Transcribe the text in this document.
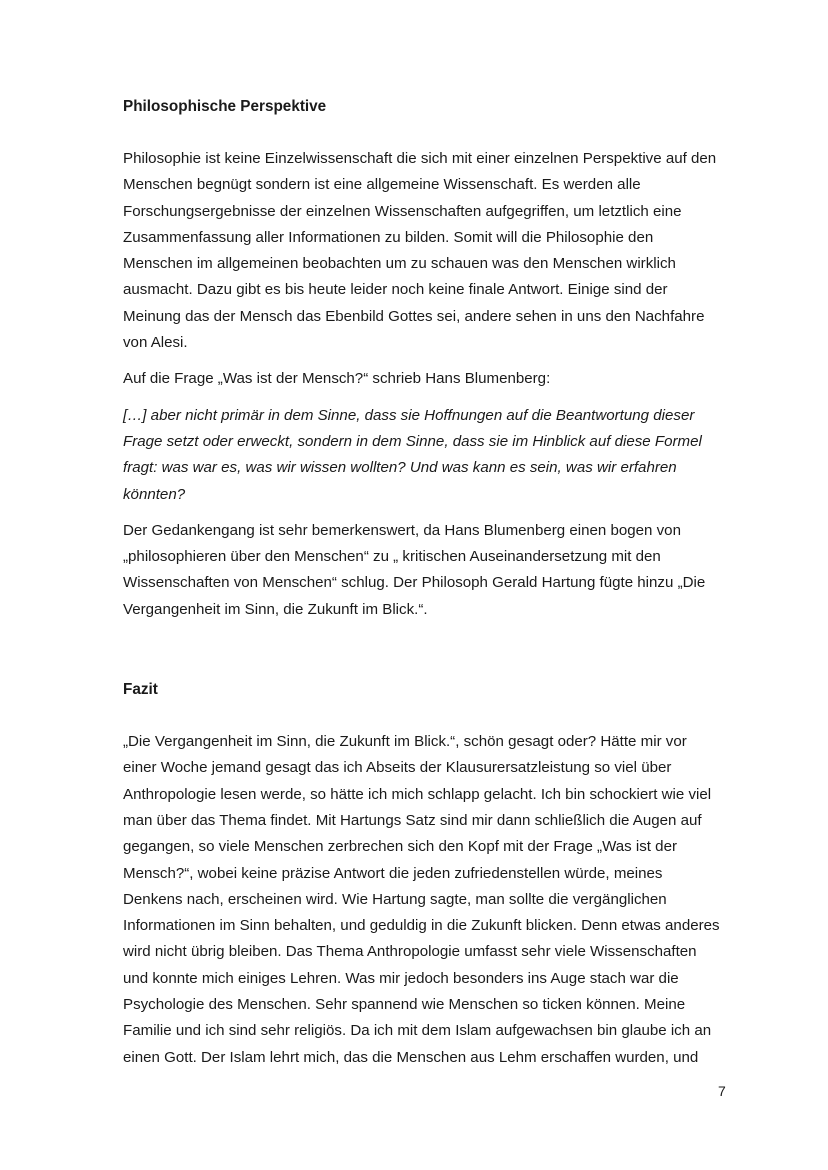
Philosophische Perspektive

Philosophie ist keine Einzelwissenschaft die sich mit einer einzelnen Perspektive auf den
Menschen begnügt sondern ist eine allgemeine Wissenschaft. Es werden alle
Forschungsergebnisse der einzelnen Wissenschaften aufgegriffen, um letztlich eine
Zusammenfassung aller Informationen zu bilden. Somit will die Philosophie den
Menschen im allgemeinen beobachten um zu schauen was den Menschen wirklich
ausmacht. Dazu gibt es bis heute leider noch keine finale Antwort. Einige sind der
Meinung das der Mensch das Ebenbild Gottes sei, andere sehen in uns den Nachfahre
von Alesi.

Auf die Frage „Was ist der Mensch?“ schrieb Hans Blumenberg:

[…] aber nicht primär in dem Sinne, dass sie Hoffnungen auf die Beantwortung dieser
Frage setzt oder erweckt, sondern in dem Sinne, dass sie im Hinblick auf diese Formel
fragt: was war es, was wir wissen wollten? Und was kann es sein, was wir erfahren
könnten?

Der Gedankengang ist sehr bemerkenswert, da Hans Blumenberg einen bogen von
„philosophieren über den Menschen“ zu „ kritischen Auseinandersetzung mit den
Wissenschaften von Menschen“ schlug. Der Philosoph Gerald Hartung fügte hinzu „Die
Vergangenheit im Sinn, die Zukunft im Blick.“.

Fazit

„Die Vergangenheit im Sinn, die Zukunft im Blick.“, schön gesagt oder? Hätte mir vor
einer Woche jemand gesagt das ich Abseits der Klausurersatzleistung so viel über
Anthropologie lesen werde, so hätte ich mich schlapp gelacht. Ich bin schockiert wie viel
man über das Thema findet. Mit Hartungs Satz sind mir dann schließlich die Augen auf
gegangen, so viele Menschen zerbrechen sich den Kopf mit der Frage „Was ist der
Mensch?“, wobei keine präzise Antwort die jeden zufriedenstellen würde, meines
Denkens nach, erscheinen wird. Wie Hartung sagte, man sollte die vergänglichen
Informationen im Sinn behalten, und geduldig in die Zukunft blicken. Denn etwas anderes
wird nicht übrig bleiben. Das Thema Anthropologie umfasst sehr viele Wissenschaften
und konnte mich einiges Lehren. Was mir jedoch besonders ins Auge stach war die
Psychologie des Menschen. Sehr spannend wie Menschen so ticken können. Meine
Familie und ich sind sehr religiös. Da ich mit dem Islam aufgewachsen bin glaube ich an
einen Gott. Der Islam lehrt mich, das die Menschen aus Lehm erschaffen wurden, und

7
